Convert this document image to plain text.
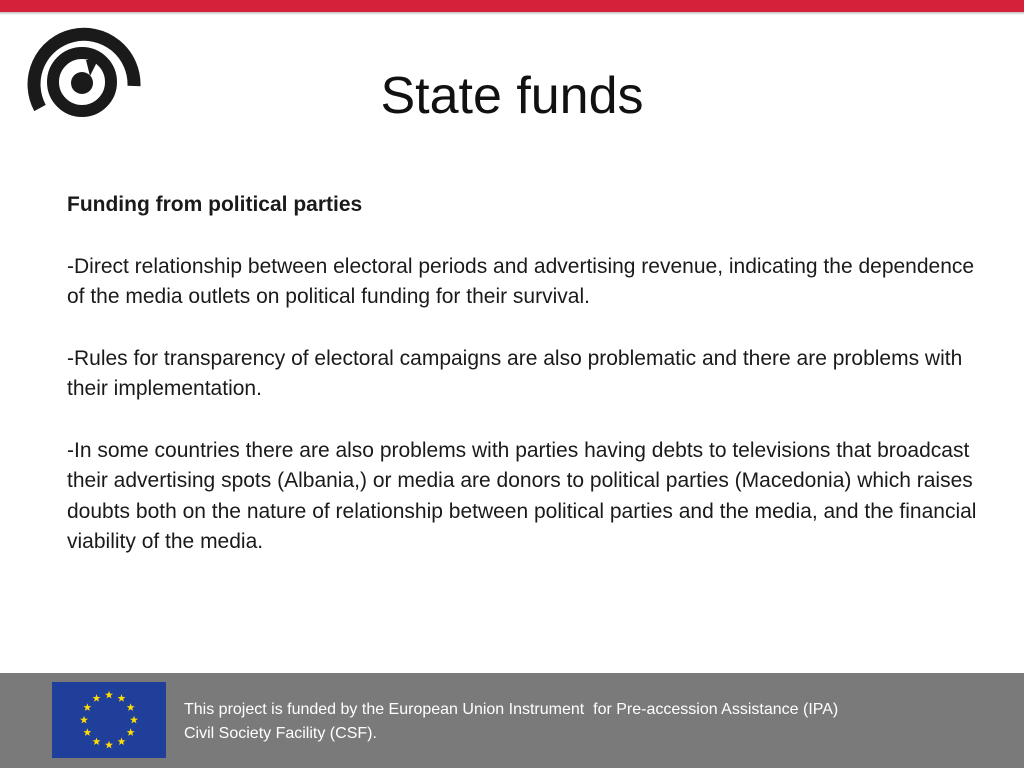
State funds

Funding from political parties

-Direct relationship between electoral periods and advertising revenue, indicating the dependence of the media outlets on political funding for their survival.

-Rules for transparency of electoral campaigns are also problematic and there are problems with their implementation.

-In some countries there are also problems with parties having debts to televisions that broadcast their advertising spots (Albania,) or media are donors to political parties (Macedonia) which raises doubts both on the nature of relationship between political parties and the media, and the financial viability of the media.

This project is funded by the European Union Instrument  for Pre-accession Assistance (IPA)
Civil Society Facility (CSF).
